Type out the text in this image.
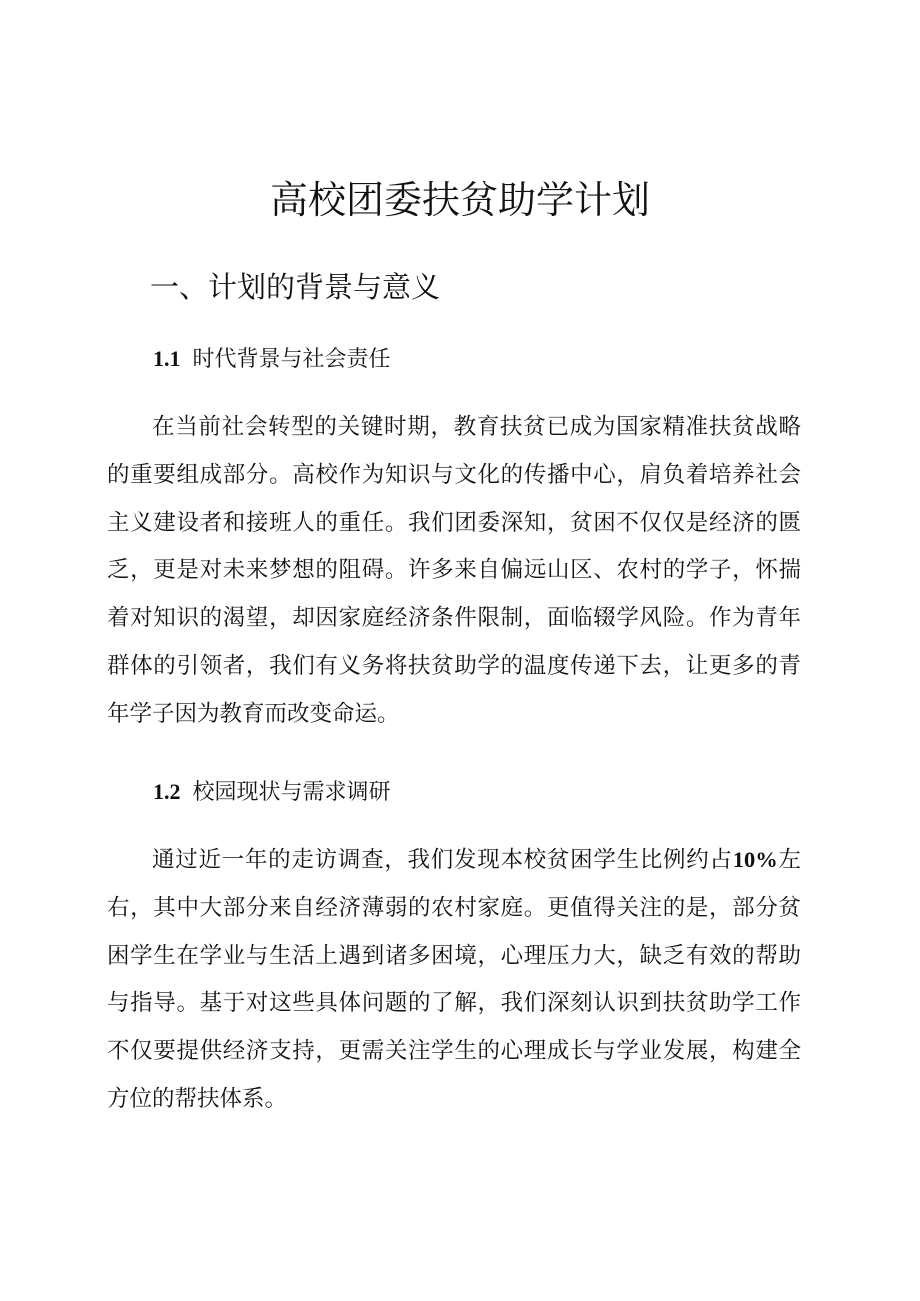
高校团委扶贫助学计划
一、计划的背景与意义
1.1 时代背景与社会责任

在当前社会转型的关键时期，教育扶贫已成为国家精准扶贫战略的重要组成部分。高校作为知识与文化的传播中心，肩负着培养社会主义建设者和接班人的重任。我们团委深知，贫困不仅仅是经济的匮乏，更是对未来梦想的阻碍。许多来自偏远山区、农村的学子，怀揣着对知识的渴望，却因家庭经济条件限制，面临辍学风险。作为青年群体的引领者，我们有义务将扶贫助学的温度传递下去，让更多的青年学子因为教育而改变命运。

1.2 校园现状与需求调研

通过近一年的走访调查，我们发现本校贫困学生比例约占10%左右，其中大部分来自经济薄弱的农村家庭。更值得关注的是，部分贫困学生在学业与生活上遇到诸多困境，心理压力大，缺乏有效的帮助与指导。基于对这些具体问题的了解，我们深刻认识到扶贫助学工作不仅要提供经济支持，更需关注学生的心理成长与学业发展，构建全方位的帮扶体系。
